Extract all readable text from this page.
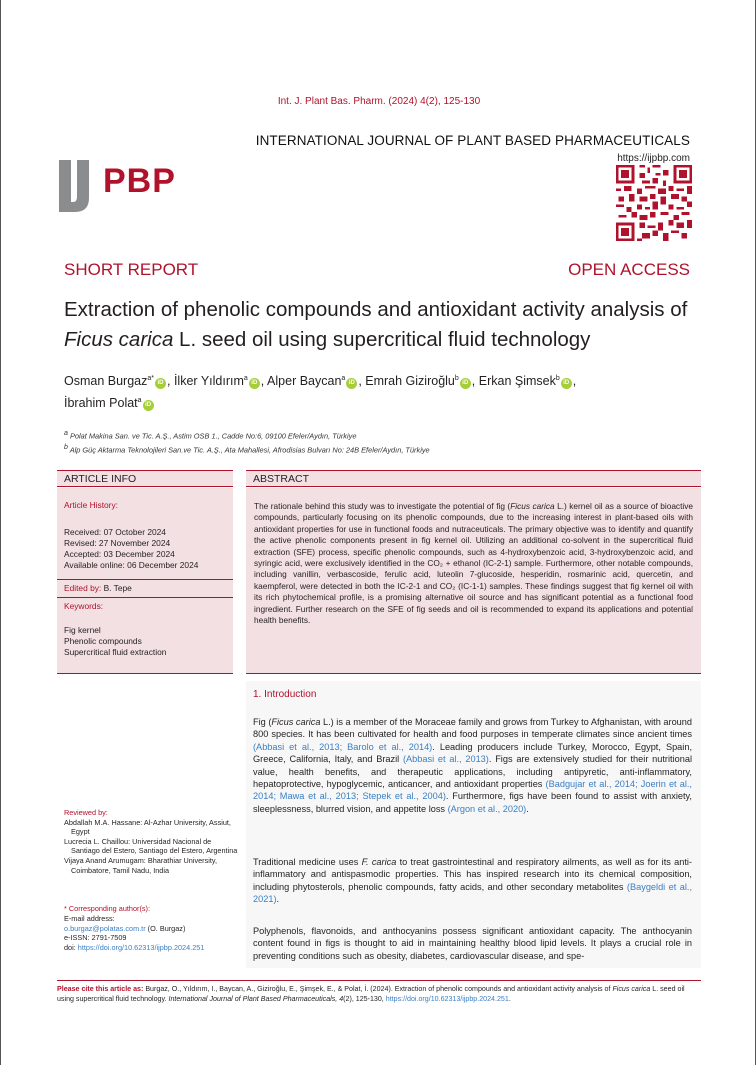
Int. J. Plant Bas. Pharm. (2024) 4(2), 125-130
PBP
INTERNATIONAL JOURNAL OF PLANT BASED PHARMACEUTICALS
https://ijpbp.com
SHORT REPORT	OPEN ACCESS
Extraction of phenolic compounds and antioxidant activity analysis of
Ficus carica L. seed oil using supercritical fluid technology
Osman Burgaz$^{a*}$iD , İlker Yıldırım$^a$iD , Alper Baycan$^a$iD , Emrah Giziroğlu$^b$iD , Erkan Şimsek$^b$iD ,
İbrahim Polat$^a$iD
$^a$ Polat Makina San. ve Tic. A.Ş., Astim OSB 1., Cadde No:6, 09100 Efeler/Aydın, Türkiye
$^b$ Alp Güç Aktarma Teknolojileri San.ve Tic. A.Ş., Ata Mahallesi, Afrodisias Bulvarı No: 24B Efeler/Aydın, Türkiye
ARTICLE INFO
Article History:
Received: 07 October 2024
Revised: 27 November 2024
Accepted: 03 December 2024
Available online: 06 December 2024
Edited by: B. Tepe
Keywords:
Fig kernel
Phenolic compounds
Supercritical fluid extraction
ABSTRACT
The rationale behind this study was to investigate the potential of fig (Ficus carica L.) kernel oil as a source of bioactive compounds, particularly focusing on its phenolic compounds, due to the increasing interest in plant-based oils with antioxidant properties for use in functional foods and nutraceuticals. The primary objective was to identify and quantify the active phenolic components present in fig kernel oil. Utilizing an additional co-solvent in the supercritical fluid extraction (SFE) process, specific phenolic compounds, such as 4-hydroxybenzoic acid, 3-hydroxybenzoic acid, and syringic acid, were exclusively identified in the CO₂ + ethanol (IC-2-1) sample. Furthermore, other notable compounds, including vanillin, verbascoside, ferulic acid, luteolin 7-glucoside, hesperidin, rosmarinic acid, quercetin, and kaempferol, were detected in both the IC-2-1 and CO₂ (IC-1-1) samples. These findings suggest that fig kernel oil with its rich phytochemical profile, is a promising alternative oil source and has significant potential as a functional food ingredient. Further research on the SFE of fig seeds and oil is recommended to expand its applications and potential health benefits.
1. Introduction
Fig (Ficus carica L.) is a member of the Moraceae family and grows from Turkey to Afghanistan, with around 800 species. It has been cultivated for health and food purposes in temperate climates since ancient times (Abbasi et al., 2013; Barolo et al., 2014). Leading producers include Turkey, Morocco, Egypt, Spain, Greece, California, Italy, and Brazil (Abbasi et al., 2013). Figs are extensively studied for their nutritional value, health benefits, and therapeutic applications, including antipyretic, anti-inflammatory, hepatoprotective, hypoglycemic, anticancer, and antioxidant properties (Badgujar et al., 2014; Joerin et al., 2014; Mawa et al., 2013; Stepek et al., 2004). Furthermore, figs have been found to assist with anxiety, sleeplessness, blurred vision, and appetite loss (Argon et al., 2020).
Traditional medicine uses F. carica to treat gastrointestinal and respiratory ailments, as well as for its anti-inflammatory and antispasmodic properties. This has inspired research into its chemical composition, including phytosterols, phenolic compounds, fatty acids, and other secondary metabolites (Baygeldi et al., 2021).
Polyphenols, flavonoids, and anthocyanins possess significant antioxidant capacity. The anthocyanin content found in figs is thought to aid in maintaining healthy blood lipid levels. It plays a crucial role in preventing conditions such as obesity, diabetes, cardiovascular disease, and spe-
Reviewed by:
Abdallah M.A. Hassane: Al-Azhar University, Assiut, Egypt
Lucrecia L. Chaillou: Universidad Nacional de Santiago del Estero, Santiago del Estero, Argentina
Vijaya Anand Arumugam: Bharathiar University, Coimbatore, Tamil Nadu, India
* Corresponding author(s):
E-mail address:
o.burgaz@polatas.com.tr (O. Burgaz)
e-ISSN: 2791-7509
doi: https://doi.org/10.62313/ijpbp.2024.251
Please cite this article as: Burgaz, O., Yıldırım, I., Baycan, A., Giziroğlu, E., Şimşek, E., & Polat, İ. (2024). Extraction of phenolic compounds and antioxidant activity analysis of Ficus carica L. seed oil using supercritical fluid technology. International Journal of Plant Based Pharmaceuticals, 4(2), 125-130, https://doi.org/10.62313/ijpbp.2024.251.
